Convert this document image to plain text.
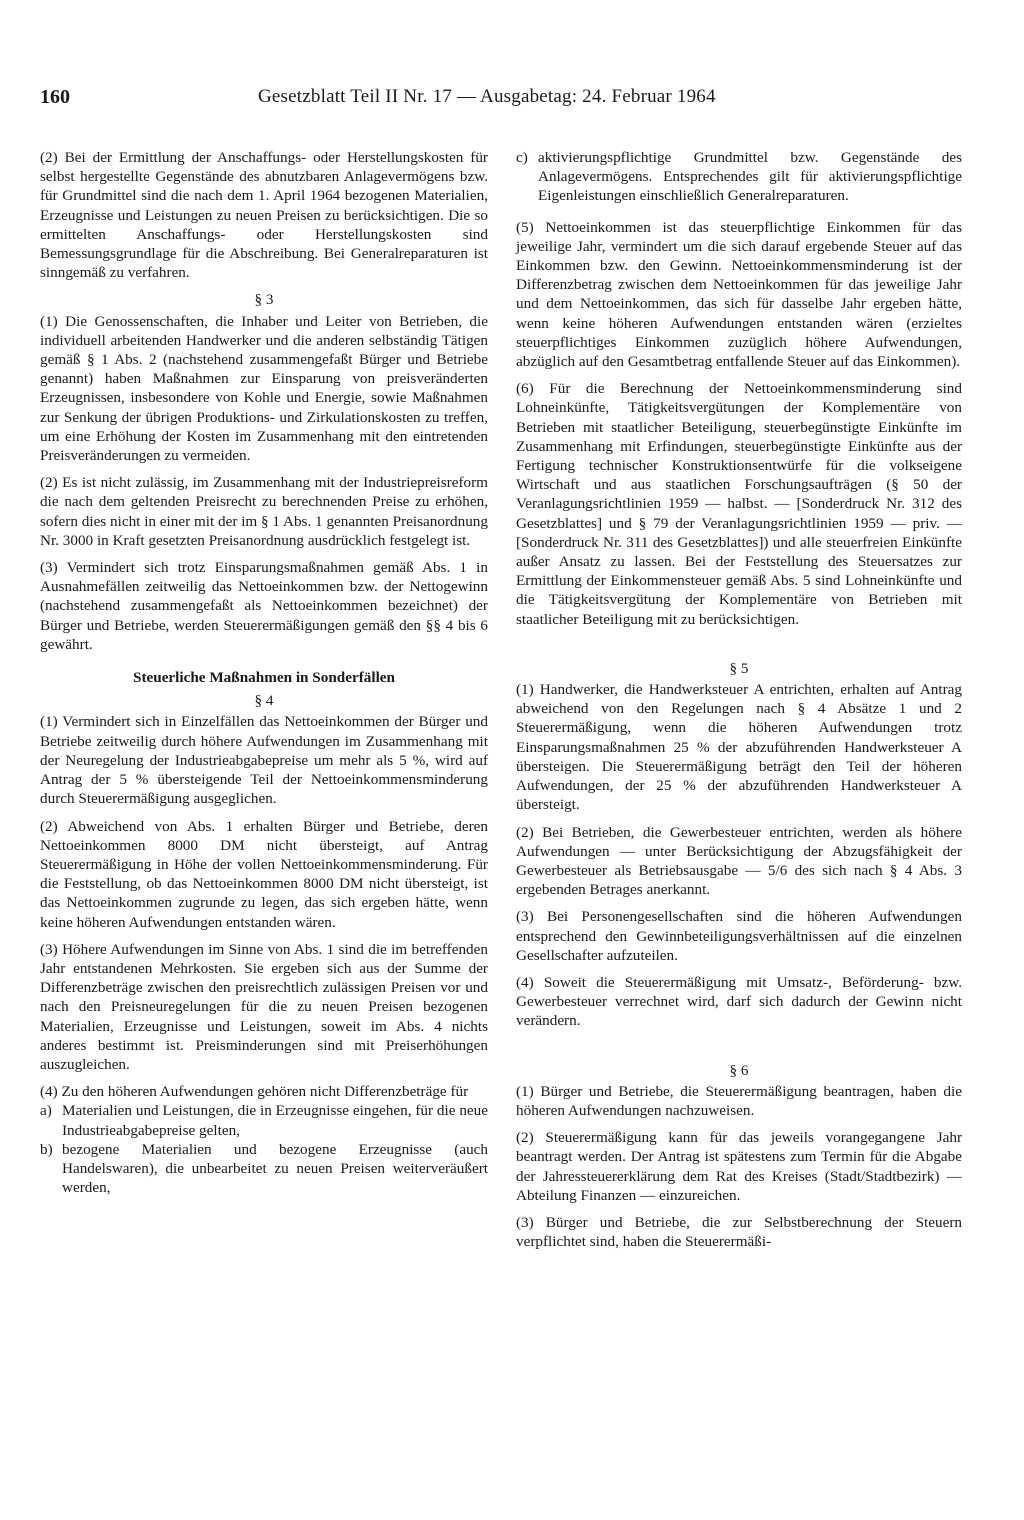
160	Gesetzblatt Teil II Nr. 17 — Ausgabetag: 24. Februar 1964

(2) Bei der Ermittlung der Anschaffungs- oder Herstellungskosten für selbst hergestellte Gegenstände des abnutzbaren Anlagevermögens bzw. für Grundmittel sind die nach dem 1. April 1964 bezogenen Materialien, Erzeugnisse und Leistungen zu neuen Preisen zu berücksichtigen. Die so ermittelten Anschaffungs- oder Herstellungskosten sind Bemessungsgrundlage für die Abschreibung. Bei Generalreparaturen ist sinngemäß zu verfahren.

§ 3

(1) Die Genossenschaften, die Inhaber und Leiter von Betrieben, die individuell arbeitenden Handwerker und die anderen selbständig Tätigen gemäß § 1 Abs. 2 (nachstehend zusammengefaßt Bürger und Betriebe genannt) haben Maßnahmen zur Einsparung von preisveränderten Erzeugnissen, insbesondere von Kohle und Energie, sowie Maßnahmen zur Senkung der übrigen Produktions- und Zirkulationskosten zu treffen, um eine Erhöhung der Kosten im Zusammenhang mit den eintretenden Preisveränderungen zu vermeiden.

(2) Es ist nicht zulässig, im Zusammenhang mit der Industriepreisreform die nach dem geltenden Preisrecht zu berechnenden Preise zu erhöhen, sofern dies nicht in einer mit der im § 1 Abs. 1 genannten Preisanordnung Nr. 3000 in Kraft gesetzten Preisanordnung ausdrücklich festgelegt ist.

(3) Vermindert sich trotz Einsparungsmaßnahmen gemäß Abs. 1 in Ausnahmefällen zeitweilig das Nettoeinkommen bzw. der Nettogewinn (nachstehend zusammengefaßt als Nettoeinkommen bezeichnet) der Bürger und Betriebe, werden Steuerermäßigungen gemäß den §§ 4 bis 6 gewährt.

Steuerliche Maßnahmen in Sonderfällen
§ 4

(1) Vermindert sich in Einzelfällen das Nettoeinkommen der Bürger und Betriebe zeitweilig durch höhere Aufwendungen im Zusammenhang mit der Neuregelung der Industrieabgabepreise um mehr als 5 %, wird auf Antrag der 5 % übersteigende Teil der Nettoeinkommensminderung durch Steuerermäßigung ausgeglichen.

(2) Abweichend von Abs. 1 erhalten Bürger und Betriebe, deren Nettoeinkommen 8000 DM nicht übersteigt, auf Antrag Steuerermäßigung in Höhe der vollen Nettoeinkommensminderung. Für die Feststellung, ob das Nettoeinkommen 8000 DM nicht übersteigt, ist das Nettoeinkommen zugrunde zu legen, das sich ergeben hätte, wenn keine höheren Aufwendungen entstanden wären.

(3) Höhere Aufwendungen im Sinne von Abs. 1 sind die im betreffenden Jahr entstandenen Mehrkosten. Sie ergeben sich aus der Summe der Differenzbeträge zwischen den preisrechtlich zulässigen Preisen vor und nach den Preisneuregelungen für die zu neuen Preisen bezogenen Materialien, Erzeugnisse und Leistungen, soweit im Abs. 4 nichts anderes bestimmt ist. Preisminderungen sind mit Preiserhöhungen auszugleichen.

(4) Zu den höheren Aufwendungen gehören nicht Differenzbeträge für

a) Materialien und Leistungen, die in Erzeugnisse eingehen, für die neue Industrieabgabepreise gelten,
b) bezogene Materialien und bezogene Erzeugnisse (auch Handelswaren), die unbearbeitet zu neuen Preisen weiterveräußert werden,
c) aktivierungspflichtige Grundmittel bzw. Gegenstände des Anlagevermögens. Entsprechendes gilt für aktivierungspflichtige Eigenleistungen einschließlich Generalreparaturen.

(5) Nettoeinkommen ist das steuerpflichtige Einkommen für das jeweilige Jahr, vermindert um die sich darauf ergebende Steuer auf das Einkommen bzw. den Gewinn. Nettoeinkommensminderung ist der Differenzbetrag zwischen dem Nettoeinkommen für das jeweilige Jahr und dem Nettoeinkommen, das sich für dasselbe Jahr ergeben hätte, wenn keine höheren Aufwendungen entstanden wären (erzieltes steuerpflichtiges Einkommen zuzüglich höhere Aufwendungen, abzüglich auf den Gesamtbetrag entfallende Steuer auf das Einkommen).

(6) Für die Berechnung der Nettoeinkommensminderung sind Lohneinkünfte, Tätigkeitsvergütungen der Komplementäre von Betrieben mit staatlicher Beteiligung, steuerbegünstigte Einkünfte im Zusammenhang mit Erfindungen, steuerbegünstigte Einkünfte aus der Fertigung technischer Konstruktionsentwürfe für die volkseigene Wirtschaft und aus staatlichen Forschungsaufträgen (§ 50 der Veranlagungsrichtlinien 1959 — halbst. — [Sonderdruck Nr. 312 des Gesetzblattes] und § 79 der Veranlagungsrichtlinien 1959 — priv. — [Sonderdruck Nr. 311 des Gesetzblattes]) und alle steuerfreien Einkünfte außer Ansatz zu lassen. Bei der Feststellung des Steuersatzes zur Ermittlung der Einkommensteuer gemäß Abs. 5 sind Lohneinkünfte und die Tätigkeitsvergütung der Komplementäre von Betrieben mit staatlicher Beteiligung mit zu berücksichtigen.

§ 5

(1) Handwerker, die Handwerksteuer A entrichten, erhalten auf Antrag abweichend von den Regelungen nach § 4 Absätze 1 und 2 Steuerermäßigung, wenn die höheren Aufwendungen trotz Einsparungsmaßnahmen 25 % der abzuführenden Handwerksteuer A übersteigen. Die Steuerermäßigung beträgt den Teil der höheren Aufwendungen, der 25 % der abzuführenden Handwerksteuer A übersteigt.

(2) Bei Betrieben, die Gewerbesteuer entrichten, werden als höhere Aufwendungen — unter Berücksichtigung der Abzugsfähigkeit der Gewerbesteuer als Betriebsausgabe — 5/6 des sich nach § 4 Abs. 3 ergebenden Betrages anerkannt.

(3) Bei Personengesellschaften sind die höheren Aufwendungen entsprechend den Gewinnbeteiligungsverhältnissen auf die einzelnen Gesellschafter aufzuteilen.

(4) Soweit die Steuerermäßigung mit Umsatz-, Beförderung- bzw. Gewerbesteuer verrechnet wird, darf sich dadurch der Gewinn nicht verändern.

§ 6

(1) Bürger und Betriebe, die Steuerermäßigung beantragen, haben die höheren Aufwendungen nachzuweisen.

(2) Steuerermäßigung kann für das jeweils vorangegangene Jahr beantragt werden. Der Antrag ist spätestens zum Termin für die Abgabe der Jahressteuererklärung dem Rat des Kreises (Stadt/Stadtbezirk) — Abteilung Finanzen — einzureichen.

(3) Bürger und Betriebe, die zur Selbstberechnung der Steuern verpflichtet sind, haben die Steuerermäßi-
